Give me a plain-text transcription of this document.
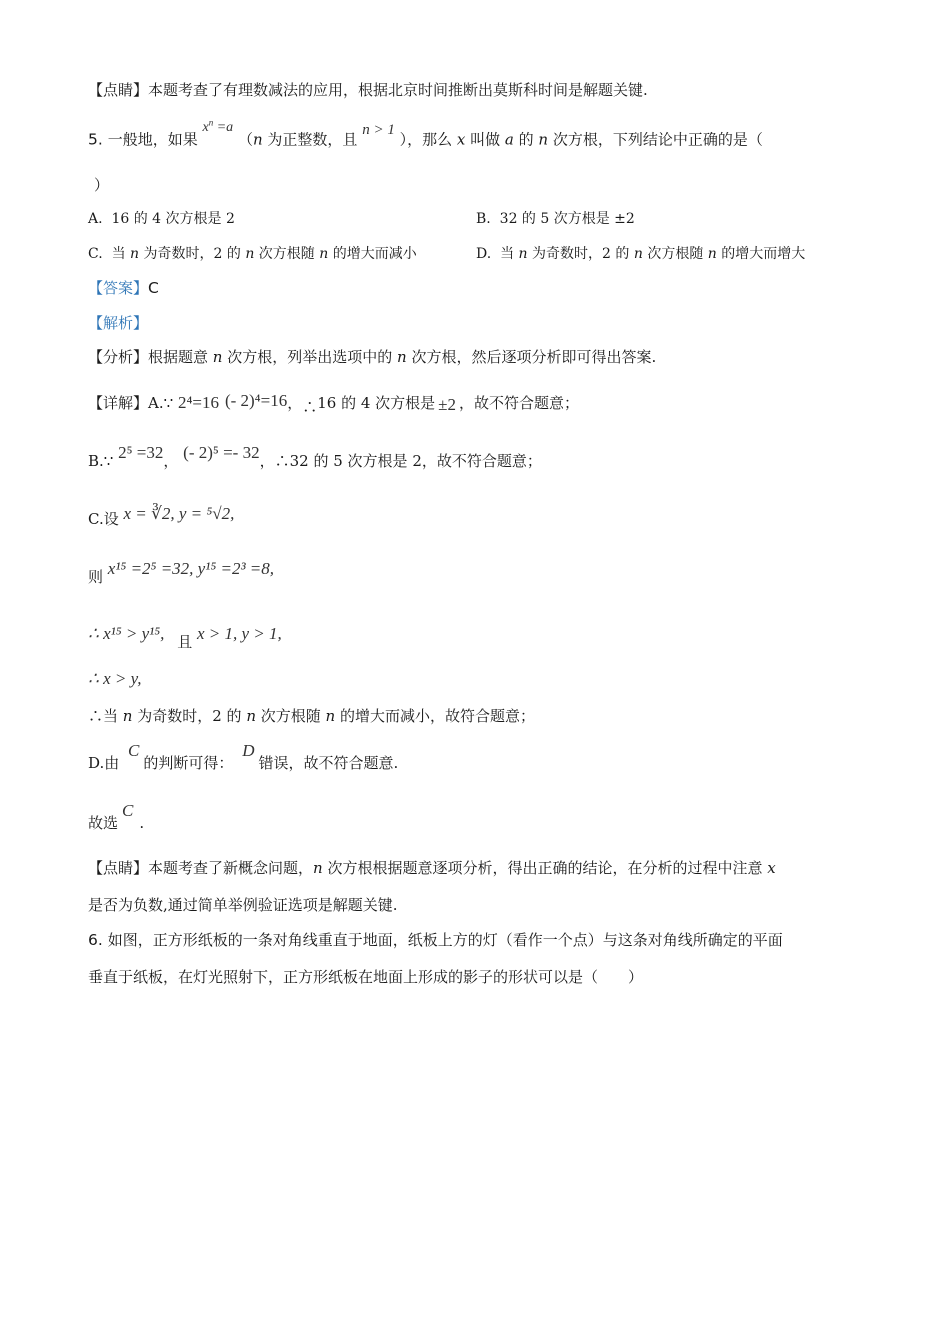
【点睛】本题考查了有理数减法的应用，根据北京时间推断出莫斯科时间是解题关键.
5. 一般地，如果 $x^n =a$ （n 为正整数，且 n > 1 ），那么 x 叫做 a 的 n 次方根，下列结论中正确的是（
）
A. 16 的 4 次方根是 2	B. 32 的 5 次方根是 ±2
C. 当 n 为奇数时，2 的 n 次方根随 n 的增大而减小	D. 当 n 为奇数时，2 的 n 次方根随 n 的增大而增大
【答案】C
【解析】
【分析】根据题意 n 次方根，列举出选项中的 n 次方根，然后逐项分析即可得出答案.
【详解】A.∵ 2⁴=16 (- 2)⁴=16，∴16 的 4 次方根是 ±2 ，故不符合题意；
B.∵ 2⁵ =32， (- 2)⁵ =- 32，∴32 的 5 次方根是 2，故不符合题意；
C.设 x = ∛2, y = ⁵√2,
则 x¹⁵ =2⁵ =32, y¹⁵ =2³ =8,
∴ x¹⁵ > y¹⁵, 且 x > 1, y > 1,
∴ x > y,
∴当 n 为奇数时，2 的 n 次方根随 n 的增大而减小，故符合题意；
D.由 C的判断可得： D错误，故不符合题意.
故选C.
【点睛】本题考查了新概念问题，n 次方根根据题意逐项分析，得出正确的结论，在分析的过程中注意 x
是否为负数,通过简单举例验证选项是解题关键.
6. 如图，正方形纸板的一条对角线重直于地面，纸板上方的灯（看作一个点）与这条对角线所确定的平面
垂直于纸板，在灯光照射下，正方形纸板在地面上形成的影子的形状可以是（　　）
